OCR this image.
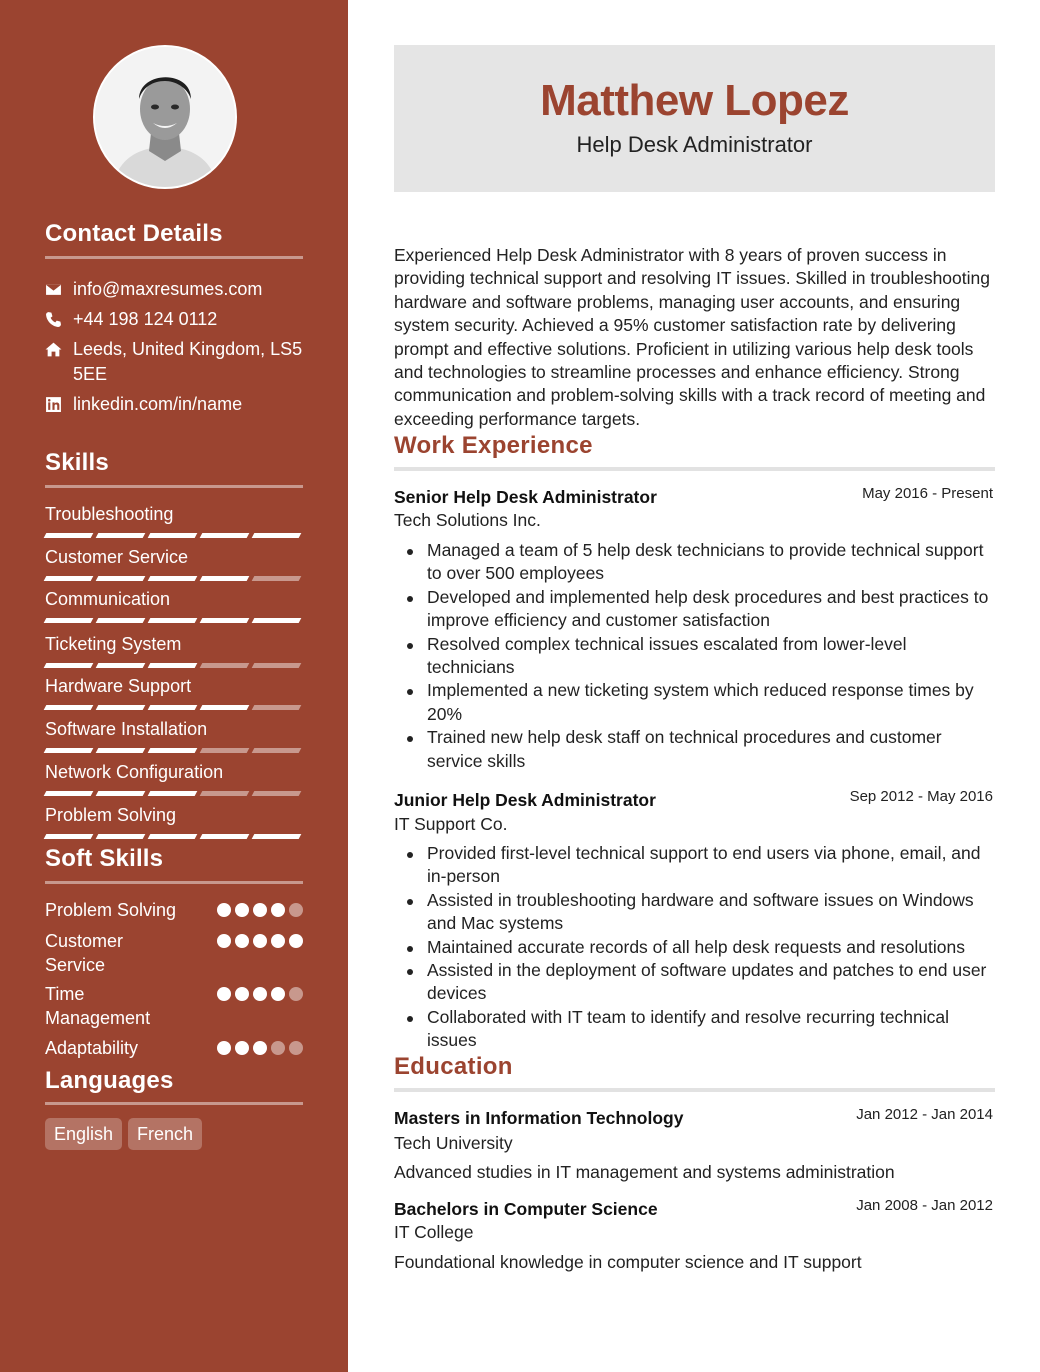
Contact Details
info@maxresumes.com
+44 198 124 0112
Leeds, United Kingdom, LS5 5EE
linkedin.com/in/name
Skills
Troubleshooting
Customer Service
Communication
Ticketing System
Hardware Support
Software Installation
Network Configuration
Problem Solving
Soft Skills
Problem Solving
Customer Service
Time Management
Adaptability
Languages
English	French
Matthew Lopez
Help Desk Administrator
Experienced Help Desk Administrator with 8 years of proven success in providing technical support and resolving IT issues. Skilled in troubleshooting hardware and software problems, managing user accounts, and ensuring system security. Achieved a 95% customer satisfaction rate by delivering prompt and effective solutions. Proficient in utilizing various help desk tools and technologies to streamline processes and enhance efficiency. Strong communication and problem-solving skills with a track record of meeting and exceeding performance targets.
Work Experience
Senior Help Desk Administrator	May 2016 - Present
Tech Solutions Inc.
Managed a team of 5 help desk technicians to provide technical support to over 500 employees
Developed and implemented help desk procedures and best practices to improve efficiency and customer satisfaction
Resolved complex technical issues escalated from lower-level technicians
Implemented a new ticketing system which reduced response times by 20%
Trained new help desk staff on technical procedures and customer service skills
Junior Help Desk Administrator	Sep 2012 - May 2016
IT Support Co.
Provided first-level technical support to end users via phone, email, and in-person
Assisted in troubleshooting hardware and software issues on Windows and Mac systems
Maintained accurate records of all help desk requests and resolutions
Assisted in the deployment of software updates and patches to end user devices
Collaborated with IT team to identify and resolve recurring technical issues
Education
Masters in Information Technology	Jan 2012 - Jan 2014
Tech University
Advanced studies in IT management and systems administration
Bachelors in Computer Science	Jan 2008 - Jan 2012
IT College
Foundational knowledge in computer science and IT support
